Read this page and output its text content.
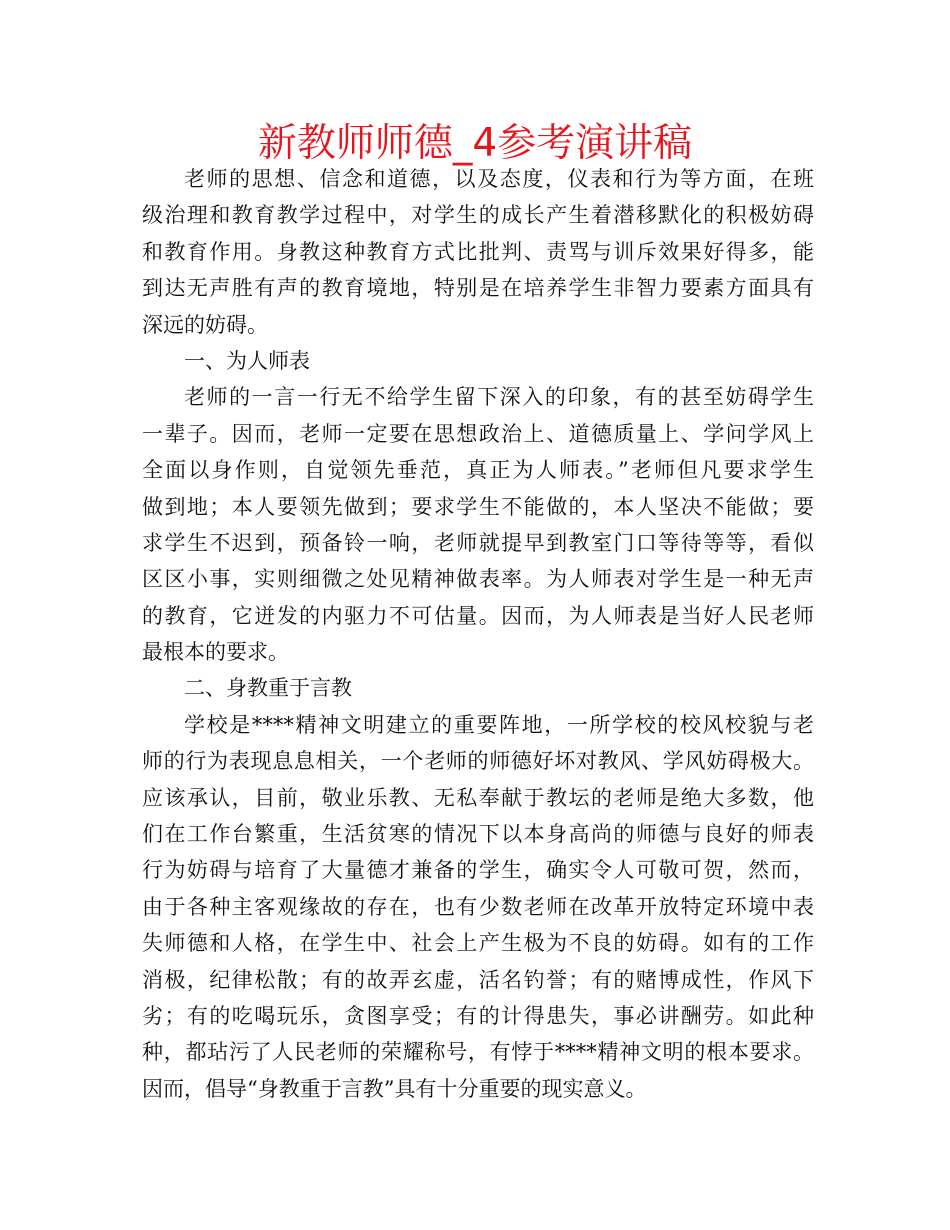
新教师师德_4参考演讲稿
老师的思想、信念和道德，以及态度，仪表和行为等方面，在班
级治理和教育教学过程中，对学生的成长产生着潜移默化的积极妨碍
和教育作用。身教这种教育方式比批判、责骂与训斥效果好得多，能
到达无声胜有声的教育境地，特别是在培养学生非智力要素方面具有
深远的妨碍。
一、为人师表
老师的一言一行无不给学生留下深入的印象，有的甚至妨碍学生
一辈子。因而，老师一定要在思想政治上、道德质量上、学问学风上
全面以身作则，自觉领先垂范，真正为人师表。”老师但凡要求学生
做到地；本人要领先做到；要求学生不能做的，本人坚决不能做；要
求学生不迟到，预备铃一响，老师就提早到教室门口等待等等，看似
区区小事，实则细微之处见精神做表率。为人师表对学生是一种无声
的教育，它迸发的内驱力不可估量。因而，为人师表是当好人民老师
最根本的要求。
二、身教重于言教
学校是****精神文明建立的重要阵地，一所学校的校风校貌与老
师的行为表现息息相关，一个老师的师德好坏对教风、学风妨碍极大。
应该承认，目前，敬业乐教、无私奉献于教坛的老师是绝大多数，他
们在工作台繁重，生活贫寒的情况下以本身高尚的师德与良好的师表
行为妨碍与培育了大量德才兼备的学生，确实令人可敬可贺，然而，
由于各种主客观缘故的存在，也有少数老师在改革开放特定环境中表
失师德和人格，在学生中、社会上产生极为不良的妨碍。如有的工作
消极，纪律松散；有的故弄玄虚，活名钓誉；有的赌博成性，作风下
劣；有的吃喝玩乐，贪图享受；有的计得患失，事必讲酬劳。如此种
种，都玷污了人民老师的荣耀称号，有悖于****精神文明的根本要求。
因而，倡导“身教重于言教”具有十分重要的现实意义。
